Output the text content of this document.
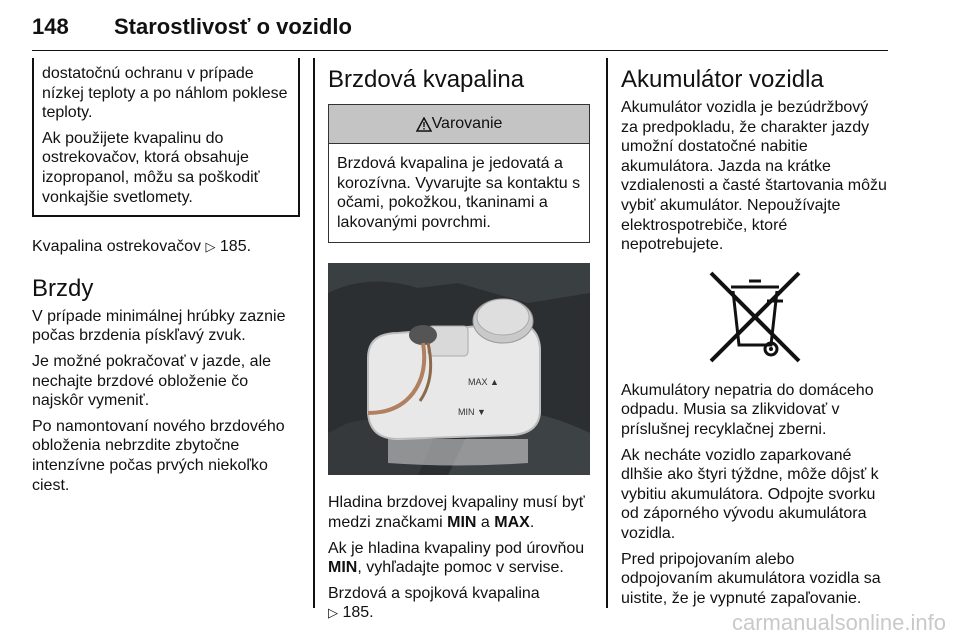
148	Starostlivosť o vozidlo

dostatočnú ochranu v prípade nízkej teploty a po náhlom poklese teploty.

Ak použijete kvapalinu do ostrekovačov, ktorá obsahuje izopropanol, môžu sa poškodiť vonkajšie svetlomety.

Kvapalina ostrekovačov ▷ 185.

Brzdy

V prípade minimálnej hrúbky zaznie počas brzdenia pískľavý zvuk.

Je možné pokračovať v jazde, ale nechajte brzdové obloženie čo najskôr vymeniť.

Po namontovaní nového brzdového obloženia nebrzdite zbytočne intenzívne počas prvých niekoľko ciest.

Brzdová kvapalina
Varovanie
Brzdová kvapalina je jedovatá a korozívna. Vyvarujte sa kontaktu s očami, pokožkou, tkaninami a lakovanými povrchmi.
MAX ▲
MIN ▼

Hladina brzdovej kvapaliny musí byť medzi značkami MIN a MAX.

Ak je hladina kvapaliny pod úrovňou MIN, vyhľadajte pomoc v servise.

Brzdová a spojková kvapalina
▷ 185.

Akumulátor vozidla

Akumulátor vozidla je bezúdržbový za predpokladu, že charakter jazdy umožní dostatočné nabitie akumulátora. Jazda na krátke vzdialenosti a časté štartovania môžu vybiť akumulátor. Nepoužívajte elektrospotrebiče, ktoré nepotrebujete.

Akumulátory nepatria do domáceho odpadu. Musia sa zlikvidovať v príslušnej recyklačnej zberni.

Ak necháte vozidlo zaparkované dlhšie ako štyri týždne, môže dôjsť k vybitiu akumulátora. Odpojte svorku od záporného vývodu akumulátora vozidla.

Pred pripojovaním alebo odpojovaním akumulátora vozidla sa uistite, že je vypnuté zapaľovanie.

carmanualsonline.info
